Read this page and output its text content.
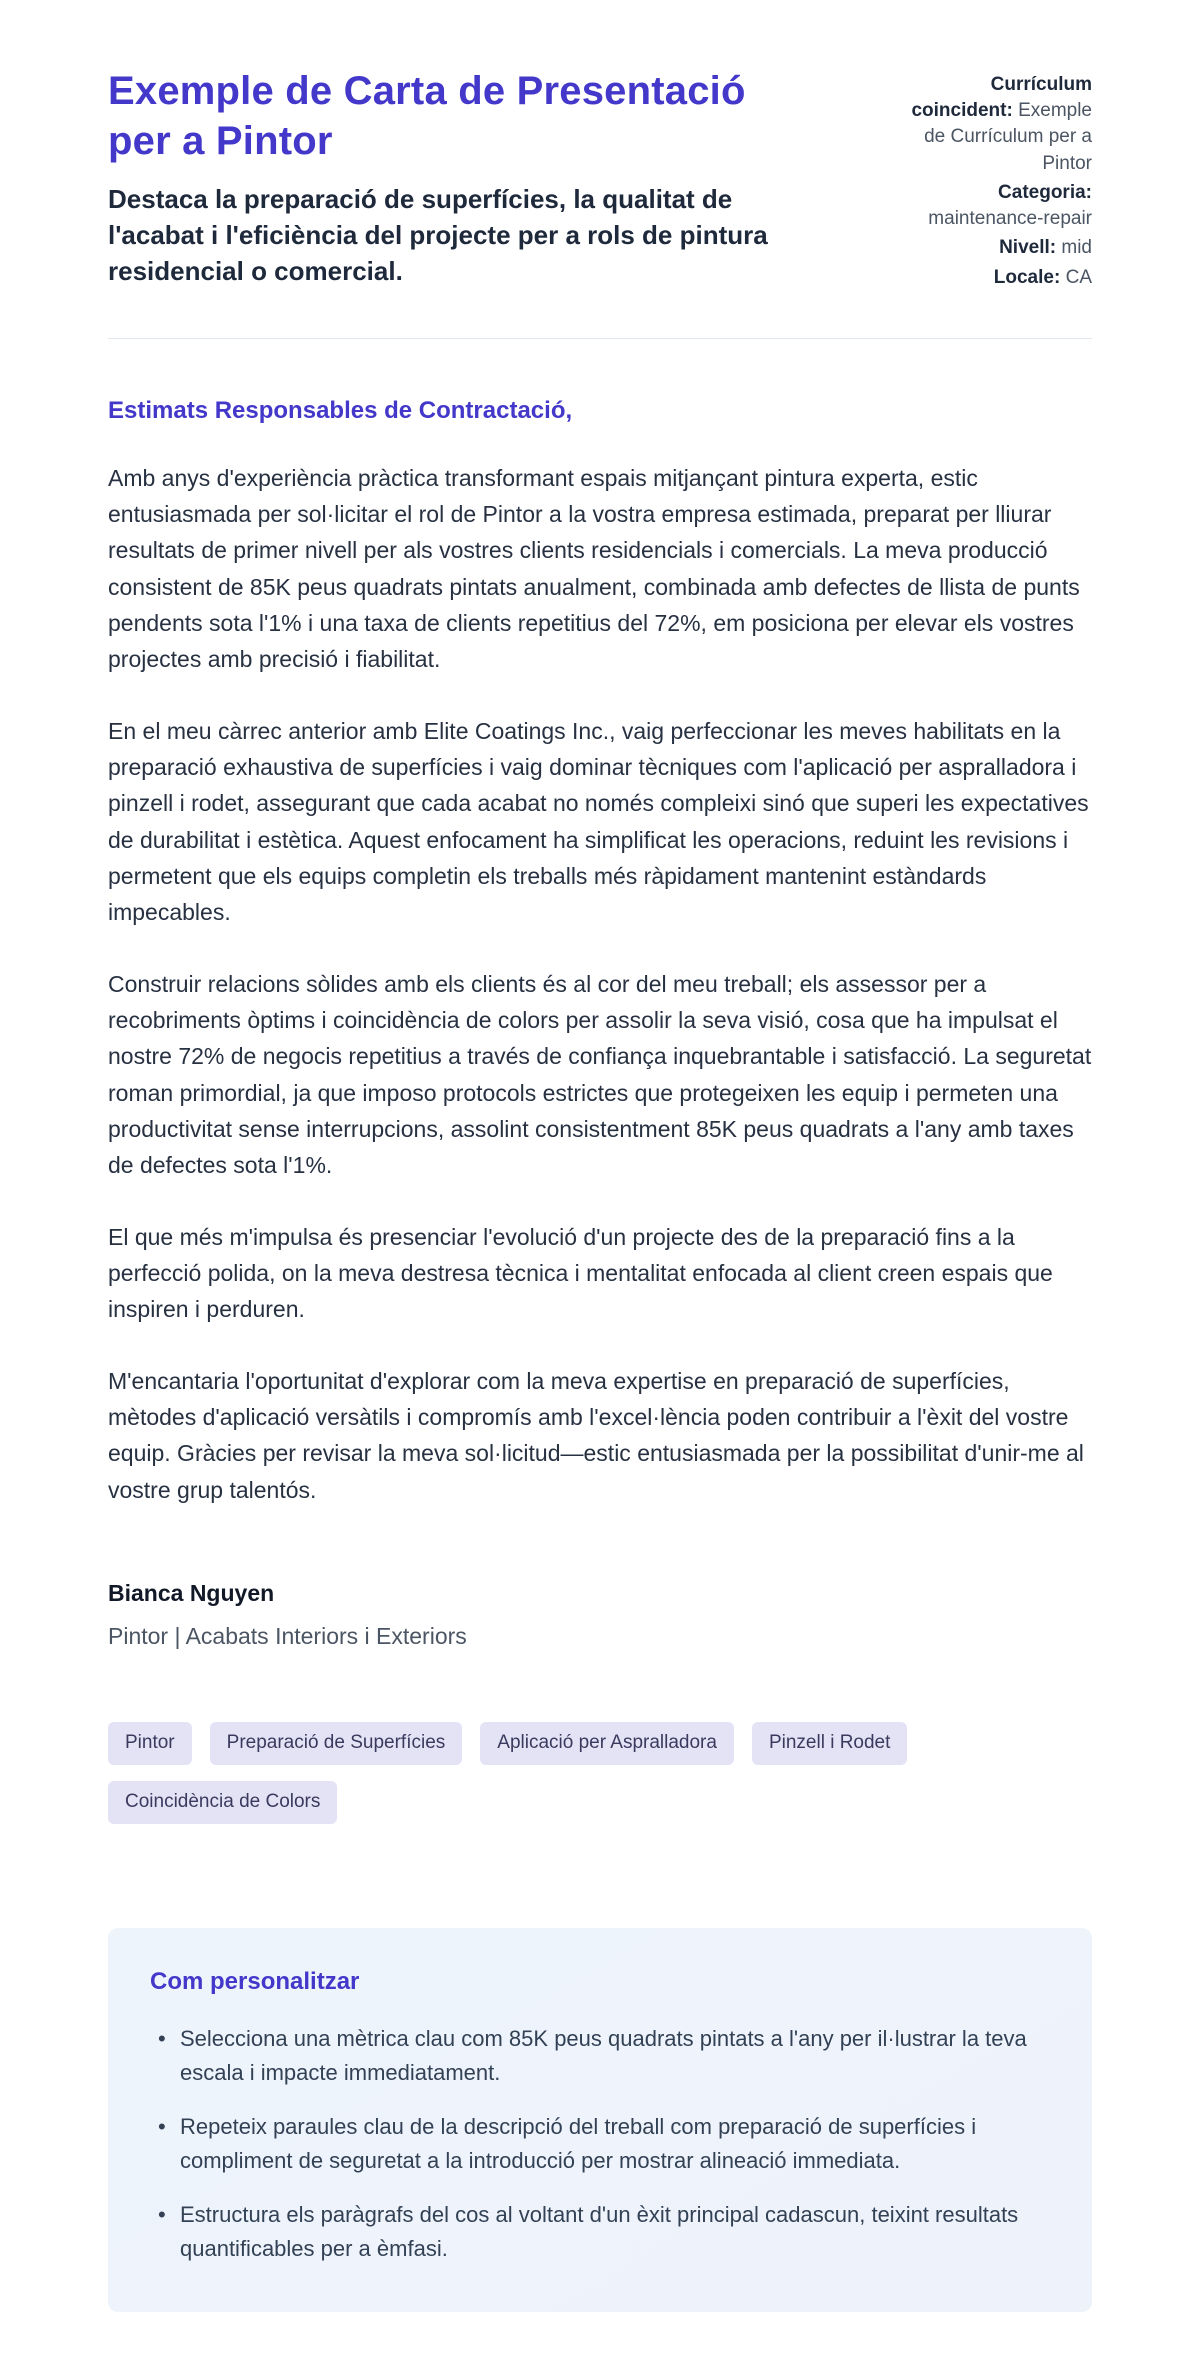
Exemple de Carta de Presentació per a Pintor

Destaca la preparació de superfícies, la qualitat de l'acabat i l'eficiència del projecte per a rols de pintura residencial o comercial.

Currículum coincident: Exemple de Currículum per a Pintor
Categoria: maintenance-repair
Nivell: mid
Locale: CA

Estimats Responsables de Contractació,

Amb anys d'experiència pràctica transformant espais mitjançant pintura experta, estic entusiasmada per sol·licitar el rol de Pintor a la vostra empresa estimada, preparat per lliurar resultats de primer nivell per als vostres clients residencials i comercials. La meva producció consistent de 85K peus quadrats pintats anualment, combinada amb defectes de llista de punts pendents sota l'1% i una taxa de clients repetitius del 72%, em posiciona per elevar els vostres projectes amb precisió i fiabilitat.

En el meu càrrec anterior amb Elite Coatings Inc., vaig perfeccionar les meves habilitats en la preparació exhaustiva de superfícies i vaig dominar tècniques com l'aplicació per aspralladora i pinzell i rodet, assegurant que cada acabat no només compleixi sinó que superi les expectatives de durabilitat i estètica. Aquest enfocament ha simplificat les operacions, reduint les revisions i permetent que els equips completin els treballs més ràpidament mantenint estàndards impecables.

Construir relacions sòlides amb els clients és al cor del meu treball; els assessor per a recobriments òptims i coincidència de colors per assolir la seva visió, cosa que ha impulsat el nostre 72% de negocis repetitius a través de confiança inquebrantable i satisfacció. La seguretat roman primordial, ja que imposo protocols estrictes que protegeixen les equip i permeten una productivitat sense interrupcions, assolint consistentment 85K peus quadrats a l'any amb taxes de defectes sota l'1%.

El que més m'impulsa és presenciar l'evolució d'un projecte des de la preparació fins a la perfecció polida, on la meva destresa tècnica i mentalitat enfocada al client creen espais que inspiren i perduren.

M'encantaria l'oportunitat d'explorar com la meva expertise en preparació de superfícies, mètodes d'aplicació versàtils i compromís amb l'excel·lència poden contribuir a l'èxit del vostre equip. Gràcies per revisar la meva sol·licitud—estic entusiasmada per la possibilitat d'unir-me al vostre grup talentós.

Bianca Nguyen

Pintor | Acabats Interiors i Exteriors

Pintor	Preparació de Superfícies	Aplicació per Aspralladora	Pinzell i Rodet
Coincidència de Colors
Com personalitzar
• Selecciona una mètrica clau com 85K peus quadrats pintats a l'any per il·lustrar la teva escala i impacte immediatament.
• Repeteix paraules clau de la descripció del treball com preparació de superfícies i compliment de seguretat a la introducció per mostrar alineació immediata.
• Estructura els paràgrafs del cos al voltant d'un èxit principal cadascun, teixint resultats quantificables per a èmfasi.
